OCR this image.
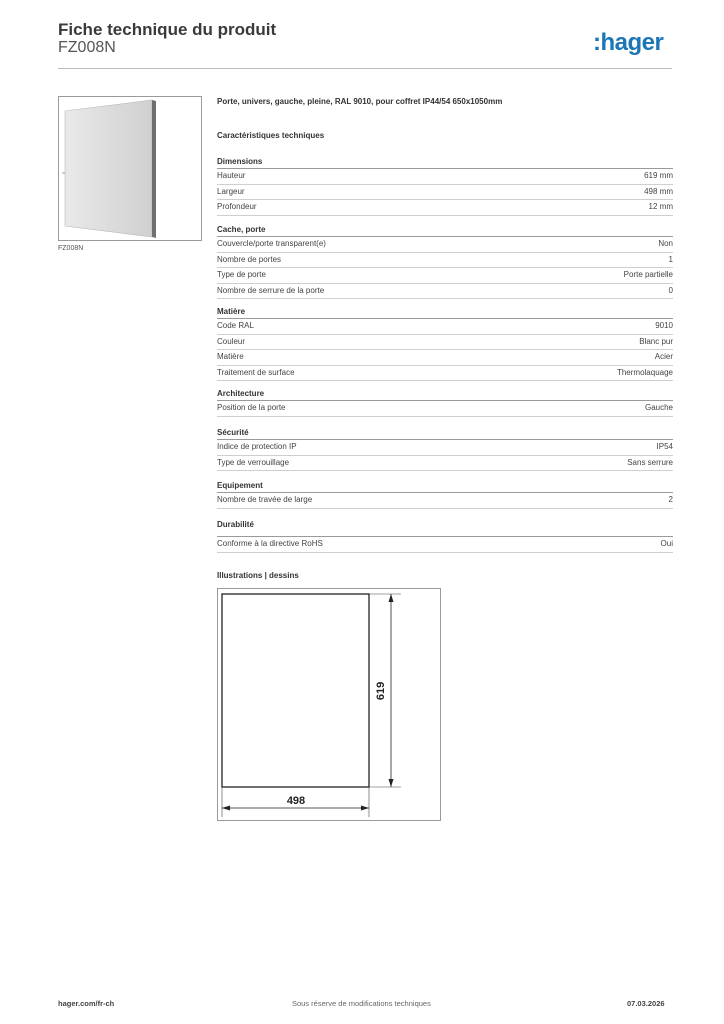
Fiche technique du produit
FZ008N	:hager
FZ008N
Porte, univers, gauche, pleine, RAL 9010, pour coffret IP44/54 650x1050mm
Caractéristiques techniques
Dimensions
Hauteur	619 mm
Largeur	498 mm
Profondeur	12 mm
Cache, porte
Couvercle/porte transparent(e)	Non
Nombre de portes	1
Type de porte	Porte partielle
Nombre de serrure de la porte	0
Matière
Code RAL	9010
Couleur	Blanc pur
Matière	Acier
Traitement de surface	Thermolaquage
Architecture
Position de la porte	Gauche
Sécurité
Indice de protection IP	IP54
Type de verrouillage	Sans serrure
Equipement
Nombre de travée de large	2
Durabilité
Conforme à la directive RoHS	Oui
Illustrations | dessins
619
498
hager.com/fr-ch	Sous réserve de modifications techniques	07.03.2026
